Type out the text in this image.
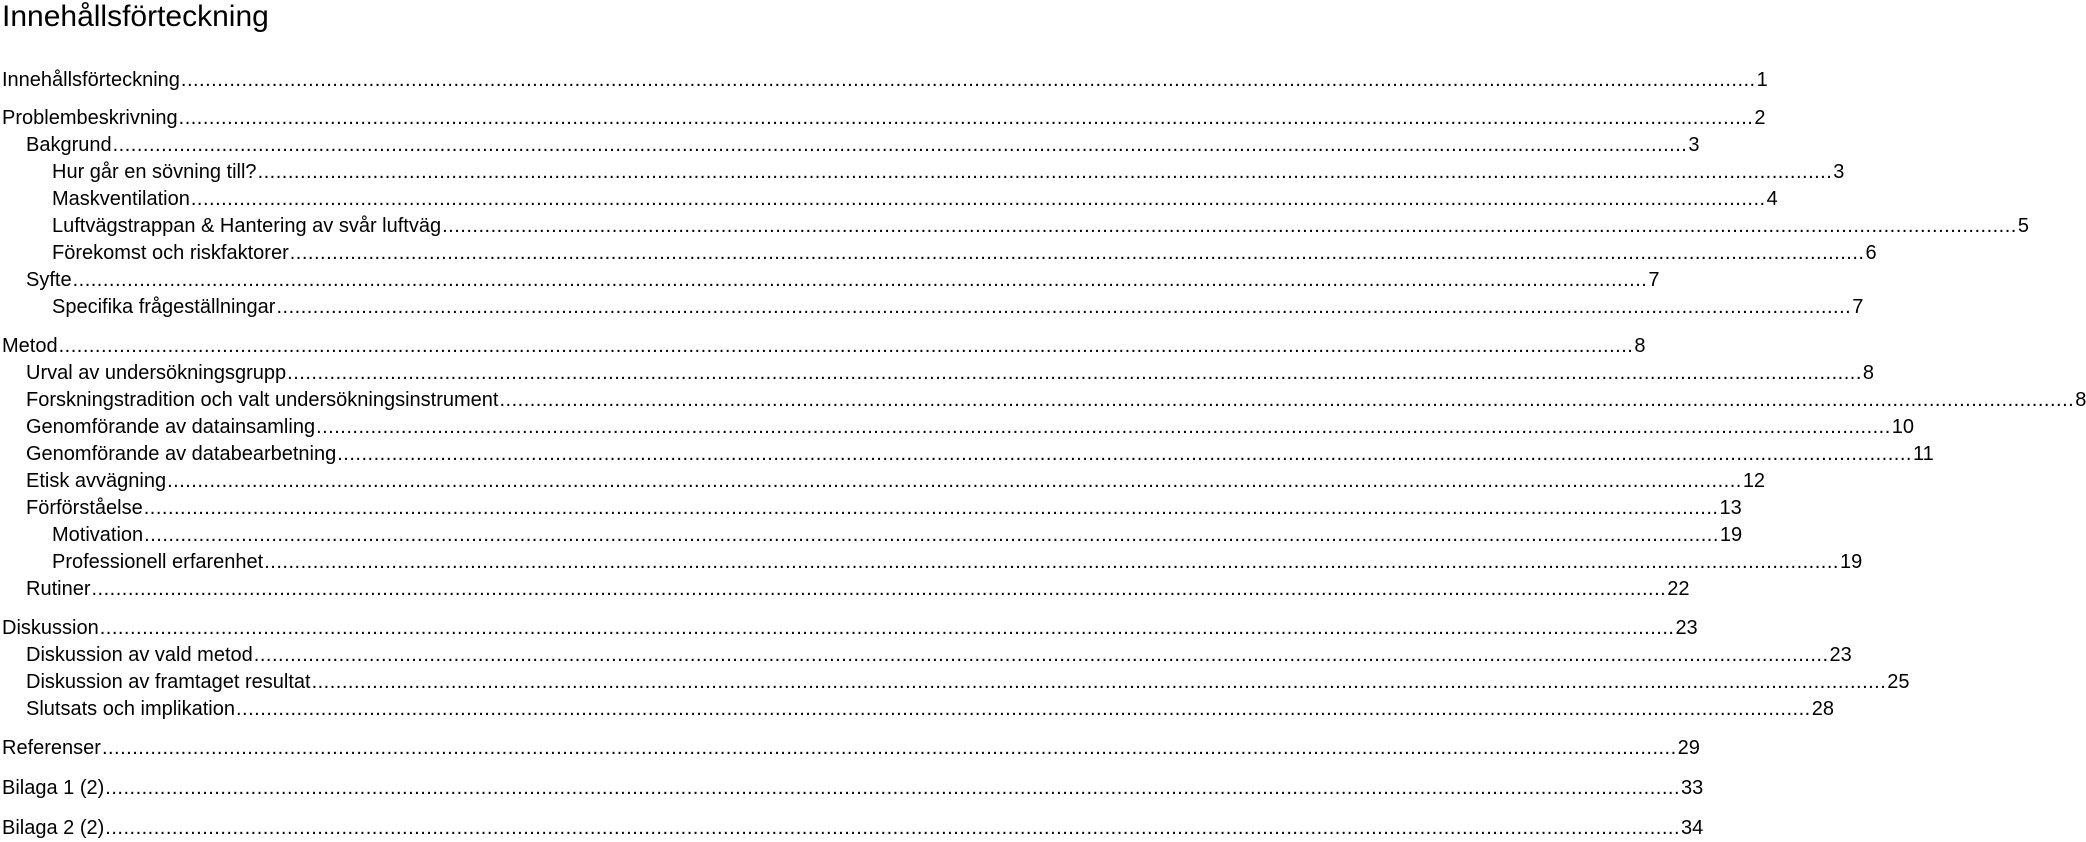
Innehållsförteckning
Innehållsförteckning .................................................................................................................................................................................................................................................................... 1
Problembeskrivning .................................................................................................................................................................................................................................................................... 2
Bakgrund .................................................................................................................................................................................................................................................................... 3
Hur går en sövning till? .................................................................................................................................................................................................................................................................... 3
Maskventilation .................................................................................................................................................................................................................................................................... 4
Luftvägstrappan & Hantering av svår luftväg .................................................................................................................................................................................................................................................................... 5
Förekomst och riskfaktorer .................................................................................................................................................................................................................................................................... 6
Syfte .................................................................................................................................................................................................................................................................... 7
Specifika frågeställningar .................................................................................................................................................................................................................................................................... 7
Metod .................................................................................................................................................................................................................................................................... 8
Urval av undersökningsgrupp .................................................................................................................................................................................................................................................................... 8
Forskningstradition och valt undersökningsinstrument .................................................................................................................................................................................................................................................................... 8
Genomförande av datainsamling .................................................................................................................................................................................................................................................................... 10
Genomförande av databearbetning .................................................................................................................................................................................................................................................................... 11
Etisk avvägning .................................................................................................................................................................................................................................................................... 12
Förförståelse .................................................................................................................................................................................................................................................................... 13
Motivation .................................................................................................................................................................................................................................................................... 19
Professionell erfarenhet .................................................................................................................................................................................................................................................................... 19
Rutiner .................................................................................................................................................................................................................................................................... 22
Diskussion .................................................................................................................................................................................................................................................................... 23
Diskussion av vald metod .................................................................................................................................................................................................................................................................... 23
Diskussion av framtaget resultat .................................................................................................................................................................................................................................................................... 25
Slutsats och implikation .................................................................................................................................................................................................................................................................... 28
Referenser .................................................................................................................................................................................................................................................................... 29
Bilaga 1 (2) .................................................................................................................................................................................................................................................................... 33
Bilaga 2 (2) .................................................................................................................................................................................................................................................................... 34
